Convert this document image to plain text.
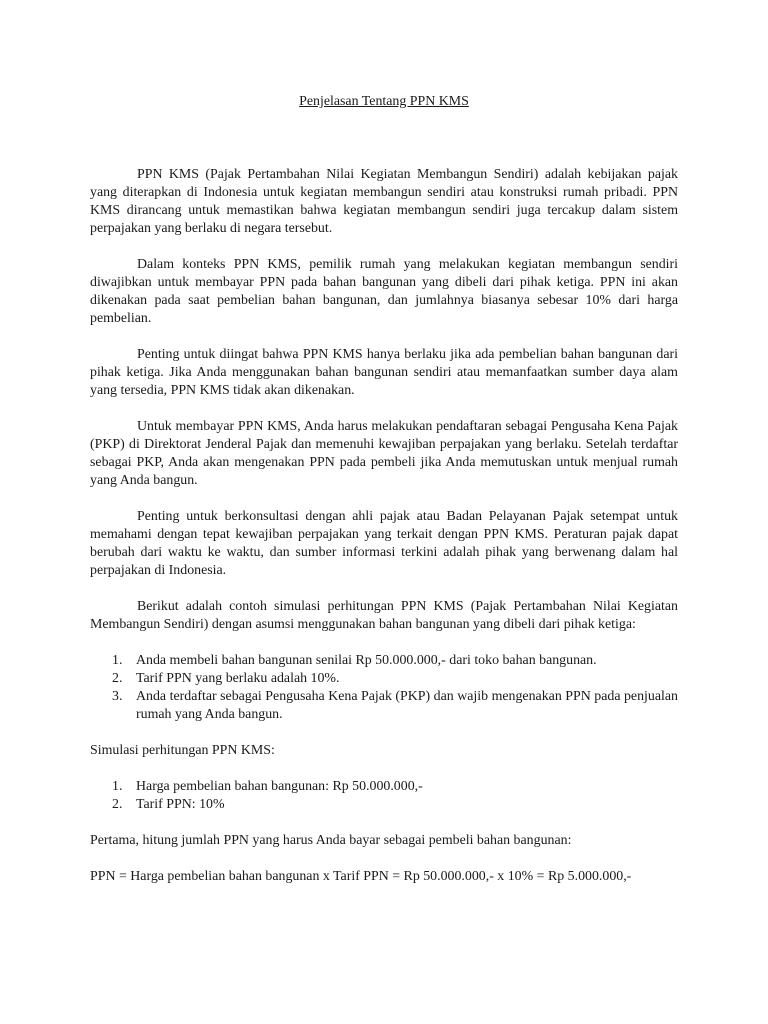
Penjelasan Tentang PPN KMS

PPN KMS (Pajak Pertambahan Nilai Kegiatan Membangun Sendiri) adalah kebijakan pajak yang diterapkan di Indonesia untuk kegiatan membangun sendiri atau konstruksi rumah pribadi. PPN KMS dirancang untuk memastikan bahwa kegiatan membangun sendiri juga tercakup dalam sistem perpajakan yang berlaku di negara tersebut.

Dalam konteks PPN KMS, pemilik rumah yang melakukan kegiatan membangun sendiri diwajibkan untuk membayar PPN pada bahan bangunan yang dibeli dari pihak ketiga. PPN ini akan dikenakan pada saat pembelian bahan bangunan, dan jumlahnya biasanya sebesar 10% dari harga pembelian.

Penting untuk diingat bahwa PPN KMS hanya berlaku jika ada pembelian bahan bangunan dari pihak ketiga. Jika Anda menggunakan bahan bangunan sendiri atau memanfaatkan sumber daya alam yang tersedia, PPN KMS tidak akan dikenakan.

Untuk membayar PPN KMS, Anda harus melakukan pendaftaran sebagai Pengusaha Kena Pajak (PKP) di Direktorat Jenderal Pajak dan memenuhi kewajiban perpajakan yang berlaku. Setelah terdaftar sebagai PKP, Anda akan mengenakan PPN pada pembeli jika Anda memutuskan untuk menjual rumah yang Anda bangun.

Penting untuk berkonsultasi dengan ahli pajak atau Badan Pelayanan Pajak setempat untuk memahami dengan tepat kewajiban perpajakan yang terkait dengan PPN KMS. Peraturan pajak dapat berubah dari waktu ke waktu, dan sumber informasi terkini adalah pihak yang berwenang dalam hal perpajakan di Indonesia.

Berikut adalah contoh simulasi perhitungan PPN KMS (Pajak Pertambahan Nilai Kegiatan Membangun Sendiri) dengan asumsi menggunakan bahan bangunan yang dibeli dari pihak ketiga:

1. Anda membeli bahan bangunan senilai Rp 50.000.000,- dari toko bahan bangunan.
2. Tarif PPN yang berlaku adalah 10%.
3. Anda terdaftar sebagai Pengusaha Kena Pajak (PKP) dan wajib mengenakan PPN pada penjualan rumah yang Anda bangun.

Simulasi perhitungan PPN KMS:

1. Harga pembelian bahan bangunan: Rp 50.000.000,-
2. Tarif PPN: 10%

Pertama, hitung jumlah PPN yang harus Anda bayar sebagai pembeli bahan bangunan:

PPN = Harga pembelian bahan bangunan x Tarif PPN = Rp 50.000.000,- x 10% = Rp 5.000.000,-
